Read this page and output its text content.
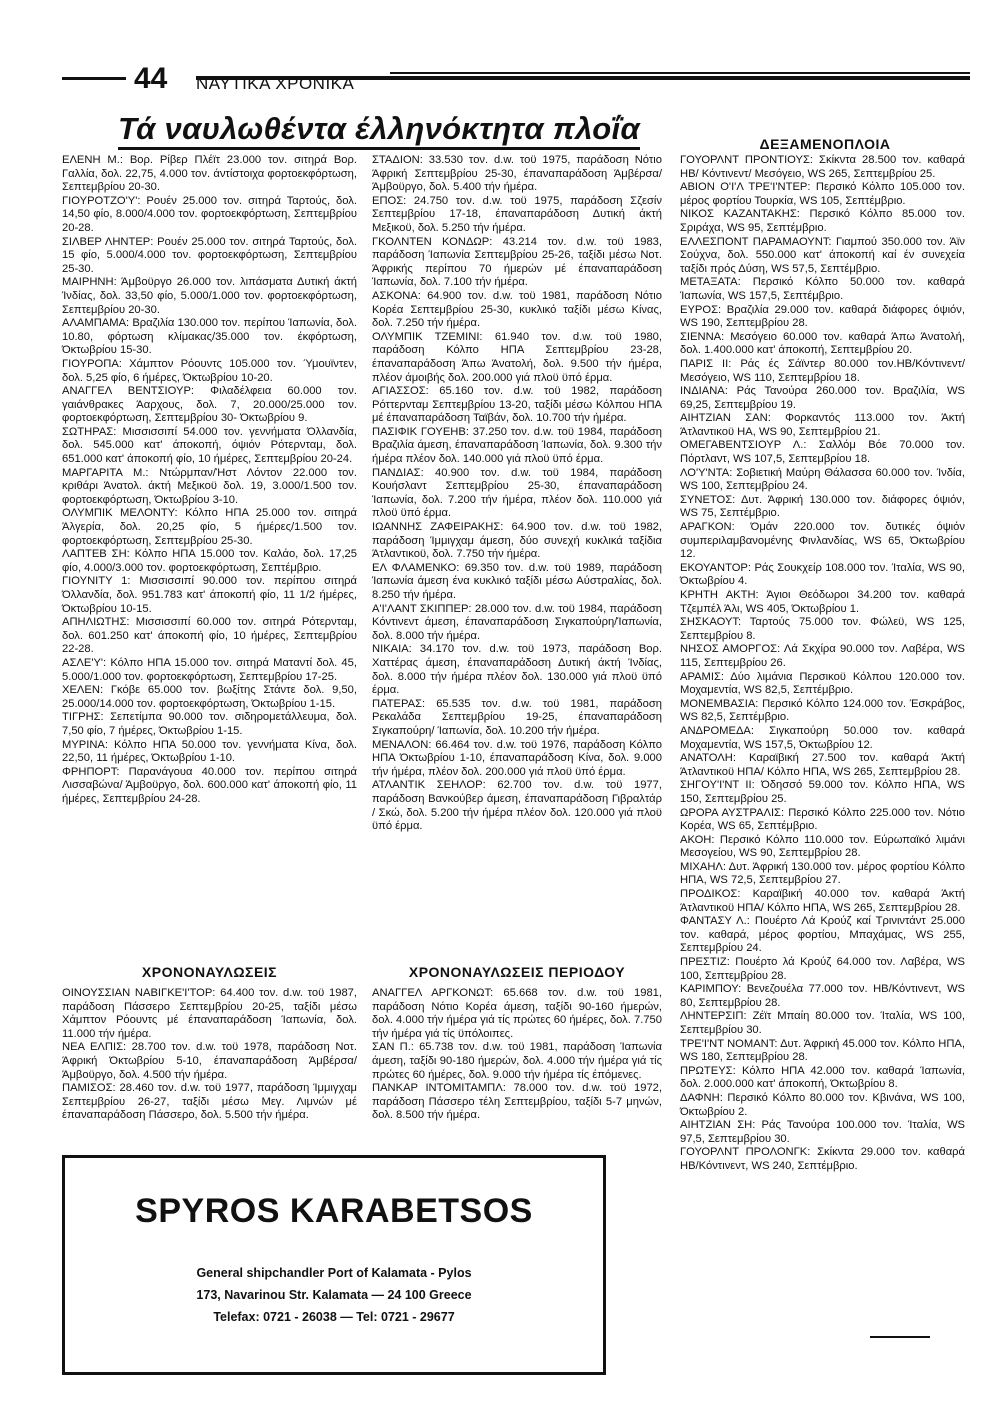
44 ΝΑΥΤΙΚΑ ΧΡΟΝΙΚΑ
Τά ναυλωθέντα έλληνόκτητα πλοΐα

ΕΛΕΝΗ Μ.: Βορ. Ρίβερ Πλέϊτ 23.000 τον. σιτηρά Βορ. Γαλλία, δολ. 22,75, 4.000 τον. άντίστοιχα φορτοεκφόρτωση, Σεπτεμβρίου 20-30.

ΓΙΟΥΡΟΤΖΟ'Υ': Ρουέν 25.000 τον. σιτηρά Ταρτούς, δολ. 14,50 φίο, 8.000/4.000 τον. φορτοεκφόρτωση, Σεπτεμβρίου 20-28.

ΣΙΛΒΕΡ ΛΗΝΤΕΡ: Ρουέν 25.000 τον. σιτηρά Ταρτούς, δολ. 15 φίο, 5.000/4.000 τον. φορτοεκφόρτωση, Σεπτεμβρίου 25-30.

ΜΑΙΡΗΝΗ: Άμβοϋργο 26.000 τον. λιπάσματα Δυτική άκτή Ίνδίας, δολ. 33,50 φίο, 5.000/1.000 τον. φορτοεκφόρτωση, Σεπτεμβρίου 20-30.

ΑΛΑΜΠΑΜΑ: Βραζιλία 130.000 τον. περίπου Ίαπωνία, δολ. 10.80, φόρτωση κλίμακας/35.000 τον. έκφόρτωση, Όκτωβρίου 15-30.

ΓΙΟΥΡΟΠΑ: Χάμπτον Ρόουντς 105.000 τον. Ύμουϊντεν, δολ. 5,25 φίο, 6 ήμέρες, Όκτωβρίου 10-20.

ΑΝΑΓΓΕΛ ΒΕΝΤΣΙΟΥΡ: Φιλαδέλφεια 60.000 τον. γαιάνθρακες Άαρχους, δολ. 7, 20.000/25.000 τον. φορτοεκφόρτωση, Σεπτεμβρίου 30- Όκτωβρίου 9.

ΣΩΤΗΡΑΣ: Μισσισσιπί 54.000 τον. γεννήματα Όλλανδία, δολ. 545.000 κατ' άποκοπή, όψιόν Ρότερνταμ, δολ. 651.000 κατ' άποκοπή φίο, 10 ήμέρες, Σεπτεμβρίου 20-24.

ΜΑΡΓΑΡΙΤΑ Μ.: Ντώρμπαν/Ήστ Λόντον 22.000 τον. κριθάρι Άνατολ. άκτή Μεξικοϋ δολ. 19, 3.000/1.500 τον. φορτοεκφόρτωση, Όκτωβρίου 3-10.

ΟΛΥΜΠΙΚ ΜΕΛΟΝΤΥ: Κόλπο ΗΠΑ 25.000 τον. σιτηρά Άλγερία, δολ. 20,25 φίο, 5 ήμέρες/1.500 τον. φορτοεκφόρτωση, Σεπτεμβρίου 25-30.

ΛΑΠΤΕΒ ΣΗ: Κόλπο ΗΠΑ 15.000 τον. Καλάο, δολ. 17,25 φίο, 4.000/3.000 τον. φορτοεκφόρτωση, Σεπτέμβριο.

ΓΙΟΥΝΙΤΥ 1: Μισσισσιπί 90.000 τον. περίπου σιτηρά Όλλανδία, δολ. 951.783 κατ' άποκοπή φίο, 11 1/2 ήμέρες, Όκτωβρίου 10-15.

ΑΠΗΛΙΩΤΗΣ: Μισσισσιπί 60.000 τον. σιτηρά Ρότερνταμ, δολ. 601.250 κατ' άποκοπή φίο, 10 ήμέρες, Σεπτεμβρίου 22-28.

ΑΣΛΕ'Υ': Κόλπο ΗΠΑ 15.000 τον. σιτηρά Ματαντί δολ. 45, 5.000/1.000 τον. φορτοεκφόρτωση, Σεπτεμβρίου 17-25.

ΧΕΛΕΝ: Γκόβε 65.000 τον. βωξίτης Στάντε δολ. 9,50, 25.000/14.000 τον. φορτοεκφόρτωση, Όκτωβρίου 1-15.

ΤΙΓΡΗΣ: Σεπετίμπα 90.000 τον. σιδηρομετάλλευμα, δολ. 7,50 φίο, 7 ήμέρες, Όκτωβρίου 1-15.

ΜΥΡΙΝΑ: Κόλπο ΗΠΑ 50.000 τον. γεννήματα Κίνα, δολ. 22,50, 11 ήμέρες, Όκτωβρίου 1-10.

ΦΡΗΠΟΡΤ: Παρανάγουα 40.000 τον. περίπου σιτηρά Λισσαβώνα/ Άμβοϋργο, δολ. 600.000 κατ' άποκοπή φίο, 11 ήμέρες, Σεπτεμβρίου 24-28.

ΣΤΑΔΙΟΝ: 33.530 τον. d.w. τοϋ 1975, παράδοση Νότιο Άφρική Σεπτεμβρίου 25-30, έπαναπαράδοση Άμβέρσα/ Άμβοϋργο, δολ. 5.400 τήν ήμέρα.

ΕΠΟΣ: 24.750 τον. d.w. τοϋ 1975, παράδοση Σζεσίν Σεπτεμβρίου 17-18, έπαναπαράδοση Δυτική άκτή Μεξικοϋ, δολ. 5.250 τήν ήμέρα.

ΓΚΟΛΝΤΕΝ ΚΟΝΔΩΡ: 43.214 τον. d.w. τοϋ 1983, παράδοση Ίαπωνία Σεπτεμβρίου 25-26, ταξίδι μέσω Νοτ. Άφρικής περίπου 70 ήμερών μέ έπαναπαράδοση Ίαπωνία, δολ. 7.100 τήν ήμέρα.

ΑΣΚΟΝΑ: 64.900 τον. d.w. τοϋ 1981, παράδοση Νότιο Κορέα Σεπτεμβρίου 25-30, κυκλικό ταξίδι μέσω Κίνας, δολ. 7.250 τήν ήμέρα.

ΟΛΥΜΠΙΚ ΤΖΕΜΙΝΙ: 61.940 τον. d.w. τοϋ 1980, παράδοση Κόλπο ΗΠΑ Σεπτεμβρίου 23-28, έπαναπαράδοση Άπω Άνατολή, δολ. 9.500 τήν ήμέρα, πλέον άμοιβής δολ. 200.000 γιά πλοϋ ϋπό έρμα.

ΑΓΙΑΣΣΟΣ: 65.160 τον. d.w. τοϋ 1982, παράδοση Ρόττερνταμ Σεπτεμβρίου 13-20, ταξίδι μέσω Κόλπου ΗΠΑ μέ έπαναπαράδοση Ταϊβάν, δολ. 10.700 τήν ήμέρα.

ΠΑΣΙΦΙΚ ΓΟΥΕΗΒ: 37.250 τον. d.w. τοϋ 1984, παράδοση Βραζιλία άμεση, έπαναπαράδοση Ίαπωνία, δολ. 9.300 τήν ήμέρα πλέον δολ. 140.000 γιά πλοϋ ϋπό έρμα.

ΠΑΝΔΙΑΣ: 40.900 τον. d.w. τοϋ 1984, παράδοση Κουήσλαντ Σεπτεμβρίου 25-30, έπαναπαράδοση Ίαπωνία, δολ. 7.200 τήν ήμέρα, πλέον δολ. 110.000 γιά πλοϋ ϋπό έρμα.

ΙΩΑΝΝΗΣ ΖΑΦΕΙΡΑΚΗΣ: 64.900 τον. d.w. τοϋ 1982, παράδοση Ίμμιγχαμ άμεση, δύο συνεχή κυκλικά ταξίδια Άτλαντικοϋ, δολ. 7.750 τήν ήμέρα.

ΕΛ ΦΛΑΜΕΝΚΟ: 69.350 τον. d.w. τοϋ 1989, παράδοση Ίαπωνία άμεση ένα κυκλικό ταξίδι μέσω Αύστραλίας, δολ. 8.250 τήν ήμέρα.

Α'Ι'ΛΑΝΤ ΣΚΙΠΠΕΡ: 28.000 τον. d.w. τοϋ 1984, παράδοση Κόντινεντ άμεση, έπαναπαράδοση Σιγκαπούρη/Ίαπωνία, δολ. 8.000 τήν ήμέρα.

ΝΙΚΑΙΑ: 34.170 τον. d.w. τοϋ 1973, παράδοση Βορ. Χαττέρας άμεση, έπαναπαράδοση Δυτική άκτή Ίνδίας, δολ. 8.000 τήν ήμέρα πλέον δολ. 130.000 γιά πλοϋ ϋπό έρμα.

ΠΑΤΕΡΑΣ: 65.535 τον. d.w. τοϋ 1981, παράδοση Ρεκαλάδα Σεπτεμβρίου 19-25, έπαναπαράδοση Σιγκαπούρη/ Ίαπωνία, δολ. 10.200 τήν ήμέρα.

ΜΕΝΑΛΟΝ: 66.464 τον. d.w. τοϋ 1976, παράδοση Κόλπο ΗΠΑ Όκτωβρίου 1-10, έπαναπαράδοση Κίνα, δολ. 9.000 τήν ήμέρα, πλέον δολ. 200.000 γιά πλοϋ ϋπό έρμα.

ΑΤΛΑΝΤΙΚ ΣΕΗΛΟΡ: 62.700 τον. d.w. τοϋ 1977, παράδοση Βανκούβερ άμεση, έπαναπαράδοση Γιβραλτάρ / Σκώ, δολ. 5.200 τήν ήμέρα πλέον δολ. 120.000 γιά πλοϋ ϋπό έρμα.

ΔΕΞΑΜΕΝΟΠΛΟΙΑ

ΓΟΥΟΡΛΝΤ ΠΡΟΝΤΙΟΥΣ: Σκίκντα 28.500 τον. καθαρά ΗΒ/ Κόντινεντ/ Μεσόγειο, WS 265, Σεπτεμβρίου 25.

ΑΒΙΟΝ Ο'Ι'Λ ΤΡΕ'Ι'ΝΤΕΡ: Περσικό Κόλπο 105.000 τον. μέρος φορτίου Τουρκία, WS 105, Σεπτέμβριο.

ΝΙΚΟΣ ΚΑΖΑΝΤΑΚΗΣ: Περσικό Κόλπο 85.000 τον. Σριράχα, WS 95, Σεπτέμβριο.

ΕΛΛΕΣΠΟΝΤ ΠΑΡΑΜΑΟΥΝΤ: Γιαμπού 350.000 τον. Άϊν Σούχνα, δολ. 550.000 κατ' άποκοπή καί έν συνεχεία ταξίδι πρός Δύση, WS 57,5, Σεπτέμβριο.

ΜΕΤΑΞΑΤΑ: Περσικό Κόλπο 50.000 τον. καθαρά Ίαπωνία, WS 157,5, Σεπτέμβριο.

ΕΥΡΟΣ: Βραζιλία 29.000 τον. καθαρά διάφορες όψιόν, WS 190, Σεπτεμβρίου 28.

ΣΙΕΝΝΑ: Μεσόγειο 60.000 τον. καθαρά Άπω Άνατολή, δολ. 1.400.000 κατ' άποκοπή, Σεπτεμβρίου 20.

ΠΑΡΙΣ ΙΙ: Ράς ές Σάϊντερ 80.000 τον.ΗΒ/Κόντινεντ/ Μεσόγειο, WS 110, Σεπτεμβρίου 18.

ΙΝΔΙΑΝΑ: Ράς Τανούρα 260.000 τον. Βραζιλία, WS 69,25, Σεπτεμβρίου 19.

ΑΙΗΤΖΙΑΝ ΣΑΝ: Φορκαντός 113.000 τον. Άκτή Άτλαντικοϋ ΗΑ, WS 90, Σεπτεμβρίου 21.

ΟΜΕΓΑΒΕΝΤΣΙΟΥΡ Λ.: Σαλλόμ Βόε 70.000 τον. Πόρτλαντ, WS 107,5, Σεπτεμβρίου 18.

ΛΟ'Υ'ΝΤΑ: Σοβιετική Μαύρη Θάλασσα 60.000 τον. Ίνδία, WS 100, Σεπτεμβρίου 24.

ΣΥΝΕΤΟΣ: Δυτ. Άφρική 130.000 τον. διάφορες όψιόν, WS 75, Σεπτέμβριο.

ΑΡΑΓΚΟΝ: Όμάν 220.000 τον. δυτικές όψιόν συμπεριλαμβανομένης Φινλανδίας, WS 65, Όκτωβρίου 12.

ΕΚΟΥΑΝΤΟΡ: Ράς Σουκχείρ 108.000 τον. Ίταλία, WS 90, Όκτωβρίου 4.

ΚΡΗΤΗ ΑΚΤΗ: Άγιοι Θεόδωροι 34.200 τον. καθαρά Τζεμπέλ Άλι, WS 405, Όκτωβρίου 1.

ΣΗΣΚΑΟΥΤ: Ταρτούς 75.000 τον. Φώλεϋ, WS 125, Σεπτεμβρίου 8.

ΝΗΣΟΣ ΑΜΟΡΓΟΣ: Λά Σκχίρα 90.000 τον. Λαβέρα, WS 115, Σεπτεμβρίου 26.

ΑΡΑΜΙΣ: Δύο λιμάνια Περσικοϋ Κόλπου 120.000 τον. Μοχαμεντία, WS 82,5, Σεπτέμβριο.

ΜΟΝΕΜΒΑΣΙΑ: Περσικό Κόλπο 124.000 τον. Έσκράβος, WS 82,5, Σεπτέμβριο.

ΑΝΔΡΟΜΕΔΑ: Σιγκαπούρη 50.000 τον. καθαρά Μοχαμεντία, WS 157,5, Όκτωβρίου 12.

ΑΝΑΤΟΛΗ: Καραϊβική 27.500 τον. καθαρά Άκτή Άτλαντικοϋ ΗΠΑ/ Κόλπο ΗΠΑ, WS 265, Σεπτεμβρίου 28.

ΣΗΓΟΥ'Ι'ΝΤ ΙΙ: Όδησσό 59.000 τον. Κόλπο ΗΠΑ, WS 150, Σεπτεμβρίου 25.

ΩΡΟΡΑ ΑΥΣΤΡΑΛΙΣ: Περσικό Κόλπο 225.000 τον. Νότιο Κορέα, WS 65, Σεπτέμβριο.

ΑΚΟΗ: Περσικό Κόλπο 110.000 τον. Εύρωπαϊκό λιμάνι Μεσογείου, WS 90, Σεπτεμβρίου 28.

ΜΙΧΑΗΛ: Δυτ. Άφρική 130.000 τον. μέρος φορτίου Κόλπο ΗΠΑ, WS 72,5, Σεπτεμβρίου 27.

ΠΡΟΔΙΚΟΣ: Καραϊβική 40.000 τον. καθαρά Άκτή Άτλαντικοϋ ΗΠΑ/ Κόλπο ΗΠΑ, WS 265, Σεπτεμβρίου 28.

ΦΑΝΤΑΣΥ Λ.: Πουέρτο Λά Κρούζ καί Τρινιντάντ 25.000 τον. καθαρά, μέρος φορτίου, Μπαχάμας, WS 255, Σεπτεμβρίου 24.

ΠΡΕΣΤΙΖ: Πουέρτο λά Κρούζ 64.000 τον. Λαβέρα, WS 100, Σεπτεμβρίου 28.

ΚΑΡΙΜΠΟΥ: Βενεζουέλα 77.000 τον. ΗΒ/Κόντινεντ, WS 80, Σεπτεμβρίου 28.

ΛΗΝΤΕΡΣΙΠ: Ζέϊτ Μπαίη 80.000 τον. Ίταλία, WS 100, Σεπτεμβρίου 30.

ΤΡΕ'Ι'ΝΤ ΝΟΜΑΝΤ: Δυτ. Άφρική 45.000 τον. Κόλπο ΗΠΑ, WS 180, Σεπτεμβρίου 28.

ΠΡΩΤΕΥΣ: Κόλπο ΗΠΑ 42.000 τον. καθαρά Ίαπωνία, δολ. 2.000.000 κατ' άποκοπή, Όκτωβρίου 8.

ΔΑΦΝΗ: Περσικό Κόλπο 80.000 τον. Κβινάνα, WS 100, Όκτωβρίου 2.

ΑΙΗΤΖΙΑΝ ΣΗ: Ράς Τανούρα 100.000 τον. Ίταλία, WS 97,5, Σεπτεμβρίου 30.

ΓΟΥΟΡΛΝΤ ΠΡΟΛΟΝΓΚ: Σκίκντα 29.000 τον. καθαρά ΗΒ/Κόντινεντ, WS 240, Σεπτέμβριο.

ΧΡΟΝΟΝΑΥΛΩΣΕΙΣ

ΟΙΝΟΥΣΣΙΑΝ ΝΑΒΙΓΚΕ'Ι'ΤΟΡ: 64.400 τον. d.w. τοϋ 1987, παράδοση Πάσσερο Σεπτεμβρίου 20-25, ταξίδι μέσω Χάμπτον Ρόουντς μέ έπαναπαράδοση Ίαπωνία, δολ. 11.000 τήν ήμέρα.

ΝΕΑ ΕΛΠΙΣ: 28.700 τον. d.w. τοϋ 1978, παράδοση Νοτ. Άφρική Όκτωβρίου 5-10, έπαναπαράδοση Άμβέρσα/ Άμβοϋργο, δολ. 4.500 τήν ήμέρα.

ΠΑΜΙΣΟΣ: 28.460 τον. d.w. τοϋ 1977, παράδοση Ίμμιγχαμ Σεπτεμβρίου 26-27, ταξίδι μέσω Μεγ. Λιμνών μέ έπαναπαράδοση Πάσσερο, δολ. 5.500 τήν ήμέρα.

ΧΡΟΝΟΝΑΥΛΩΣΕΙΣ ΠΕΡΙΟΔΟΥ

ΑΝΑΓΓΕΛ ΑΡΓΚΟΝΩΤ: 65.668 τον. d.w. τοϋ 1981, παράδοση Νότιο Κορέα άμεση, ταξίδι 90-160 ήμερών, δολ. 4.000 τήν ήμέρα γιά τίς πρώτες 60 ήμέρες, δολ. 7.750 τήν ήμέρα γιά τίς ϋπόλοιπες.

ΣΑΝ Π.: 65.738 τον. d.w. τοϋ 1981, παράδοση Ίαπωνία άμεση, ταξίδι 90-180 ήμερών, δολ. 4.000 τήν ήμέρα γιά τίς πρώτες 60 ήμέρες, δολ. 9.000 τήν ήμέρα τίς έπόμενες.

ΠΑΝΚΑΡ ΙΝΤΟΜΙΤΑΜΠΛ: 78.000 τον. d.w. τοϋ 1972, παράδοση Πάσσερο τέλη Σεπτεμβρίου, ταξίδι 5-7 μηνών, δολ. 8.500 τήν ήμέρα.

SPYROS KARABETSOS
General shipchandler Port of Kalamata - Pylos
173, Navarinou Str. Kalamata — 24 100 Greece
Telefax: 0721 - 26038 — Tel: 0721 - 29677
